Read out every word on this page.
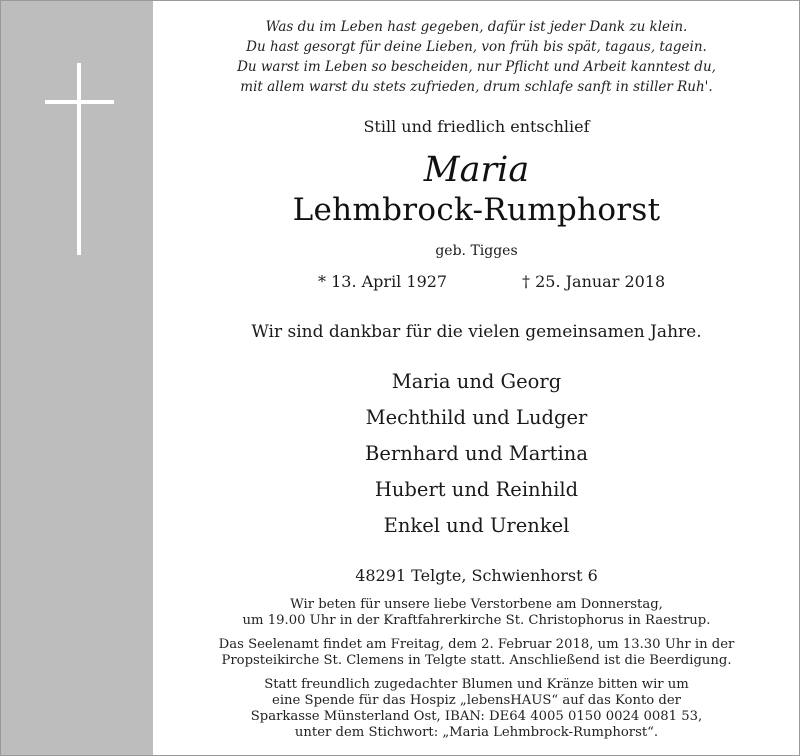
Was du im Leben hast gegeben, dafür ist jeder Dank zu klein.
Du hast gesorgt für deine Lieben, von früh bis spät, tagaus, tagein.
Du warst im Leben so bescheiden, nur Pflicht und Arbeit kanntest du,
mit allem warst du stets zufrieden, drum schlafe sanft in stiller Ruh'.
Still und friedlich entschlief
Maria
Lehmbrock-Rumphorst
geb. Tigges
* 13. April 1927	† 25. Januar 2018
Wir sind dankbar für die vielen gemeinsamen Jahre.
Maria und Georg
Mechthild und Ludger
Bernhard und Martina
Hubert und Reinhild
Enkel und Urenkel
48291 Telgte, Schwienhorst 6
Wir beten für unsere liebe Verstorbene am Donnerstag,
um 19.00 Uhr in der Kraftfahrerkirche St. Christophorus in Raestrup.
Das Seelenamt findet am Freitag, dem 2. Februar 2018, um 13.30 Uhr in der
Propsteikirche St. Clemens in Telgte statt. Anschließend ist die Beerdigung.
Statt freundlich zugedachter Blumen und Kränze bitten wir um
eine Spende für das Hospiz „lebensHAUS“ auf das Konto der
Sparkasse Münsterland Ost, IBAN: DE64 4005 0150 0024 0081 53,
unter dem Stichwort: „Maria Lehmbrock-Rumphorst“.
